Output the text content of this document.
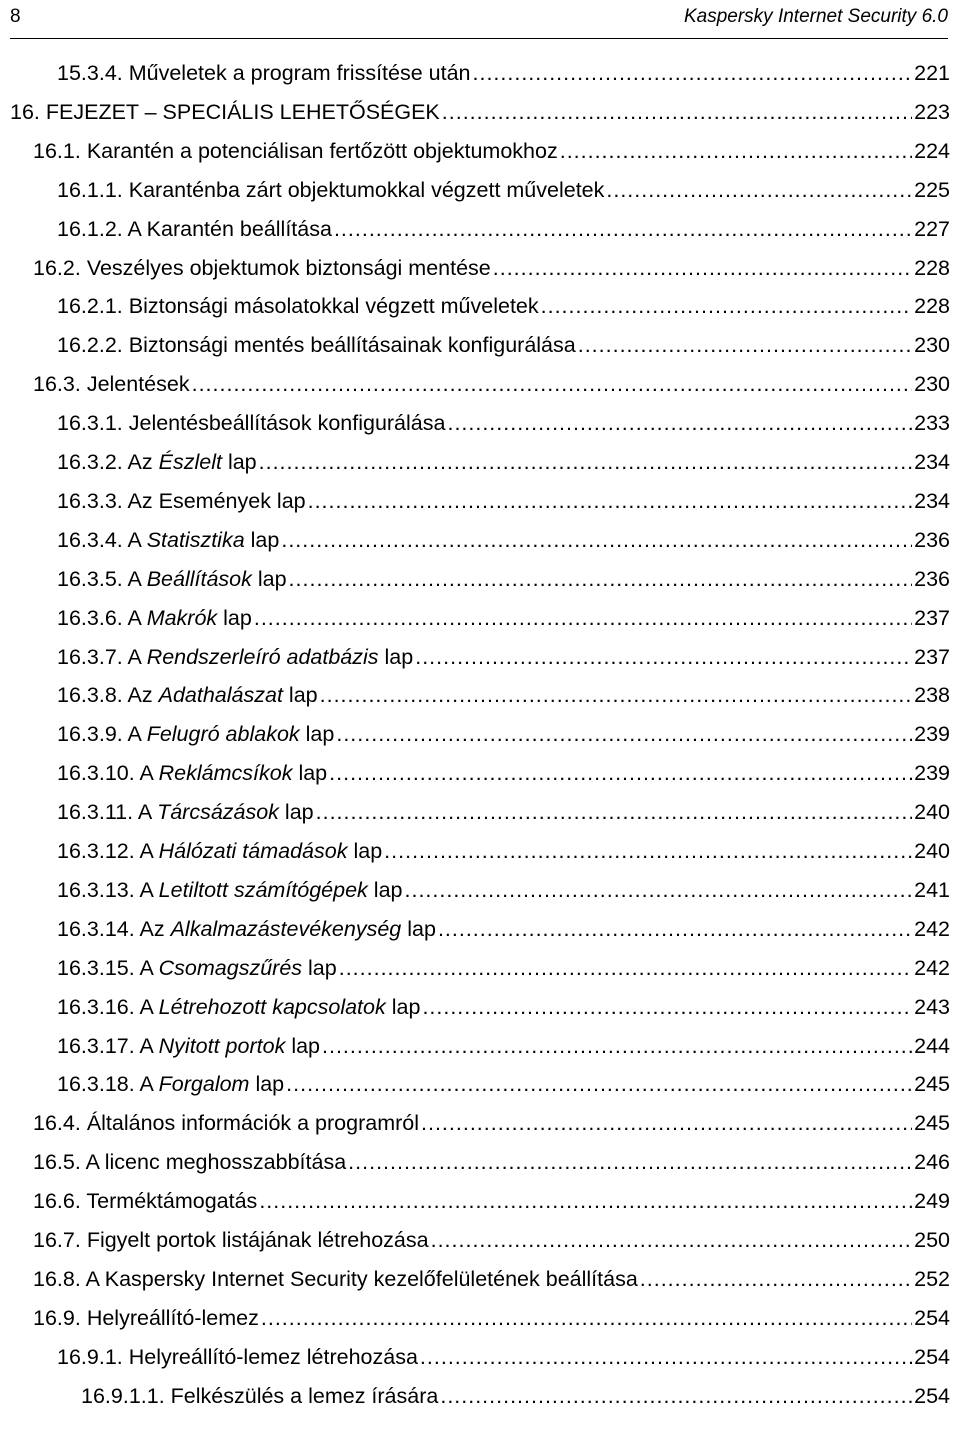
8	Kaspersky Internet Security 6.0
15.3.4. Műveletek a program frissítése után .....	221
16. FEJEZET – SPECIÁLIS LEHETŐSÉGEK .....	223
16.1. Karantén a potenciálisan fertőzött objektumokhoz .....	224
16.1.1. Karanténba zárt objektumokkal végzett műveletek .....	225
16.1.2. A Karantén beállítása .....	227
16.2. Veszélyes objektumok biztonsági mentése .....	228
16.2.1. Biztonsági másolatokkal végzett műveletek .....	228
16.2.2. Biztonsági mentés beállításainak konfigurálása .....	230
16.3. Jelentések .....	230
16.3.1. Jelentésbeállítások konfigurálása .....	233
16.3.2. Az Észlelt lap .....	234
16.3.3. Az Események lap .....	234
16.3.4. A Statisztika lap .....	236
16.3.5. A Beállítások lap .....	236
16.3.6. A Makrók lap .....	237
16.3.7. A Rendszerleíró adatbázis lap .....	237
16.3.8. Az Adathalászat lap .....	238
16.3.9. A Felugró ablakok lap .....	239
16.3.10. A Reklámcsíkok lap .....	239
16.3.11. A Tárcsázások lap .....	240
16.3.12. A Hálózati támadások lap .....	240
16.3.13. A Letiltott számítógépek lap .....	241
16.3.14. Az Alkalmazástevékenység lap .....	242
16.3.15. A Csomagszűrés lap .....	242
16.3.16. A Létrehozott kapcsolatok lap .....	243
16.3.17. A Nyitott portok lap .....	244
16.3.18. A Forgalom lap .....	245
16.4. Általános információk a programról .....	245
16.5. A licenc meghosszabbítása .....	246
16.6. Terméktámogatás .....	249
16.7. Figyelt portok listájának létrehozása .....	250
16.8. A Kaspersky Internet Security kezelőfelületének beállítása .....	252
16.9. Helyreállító-lemez .....	254
16.9.1. Helyreállító-lemez létrehozása .....	254
16.9.1.1. Felkészülés a lemez írására .....	254
